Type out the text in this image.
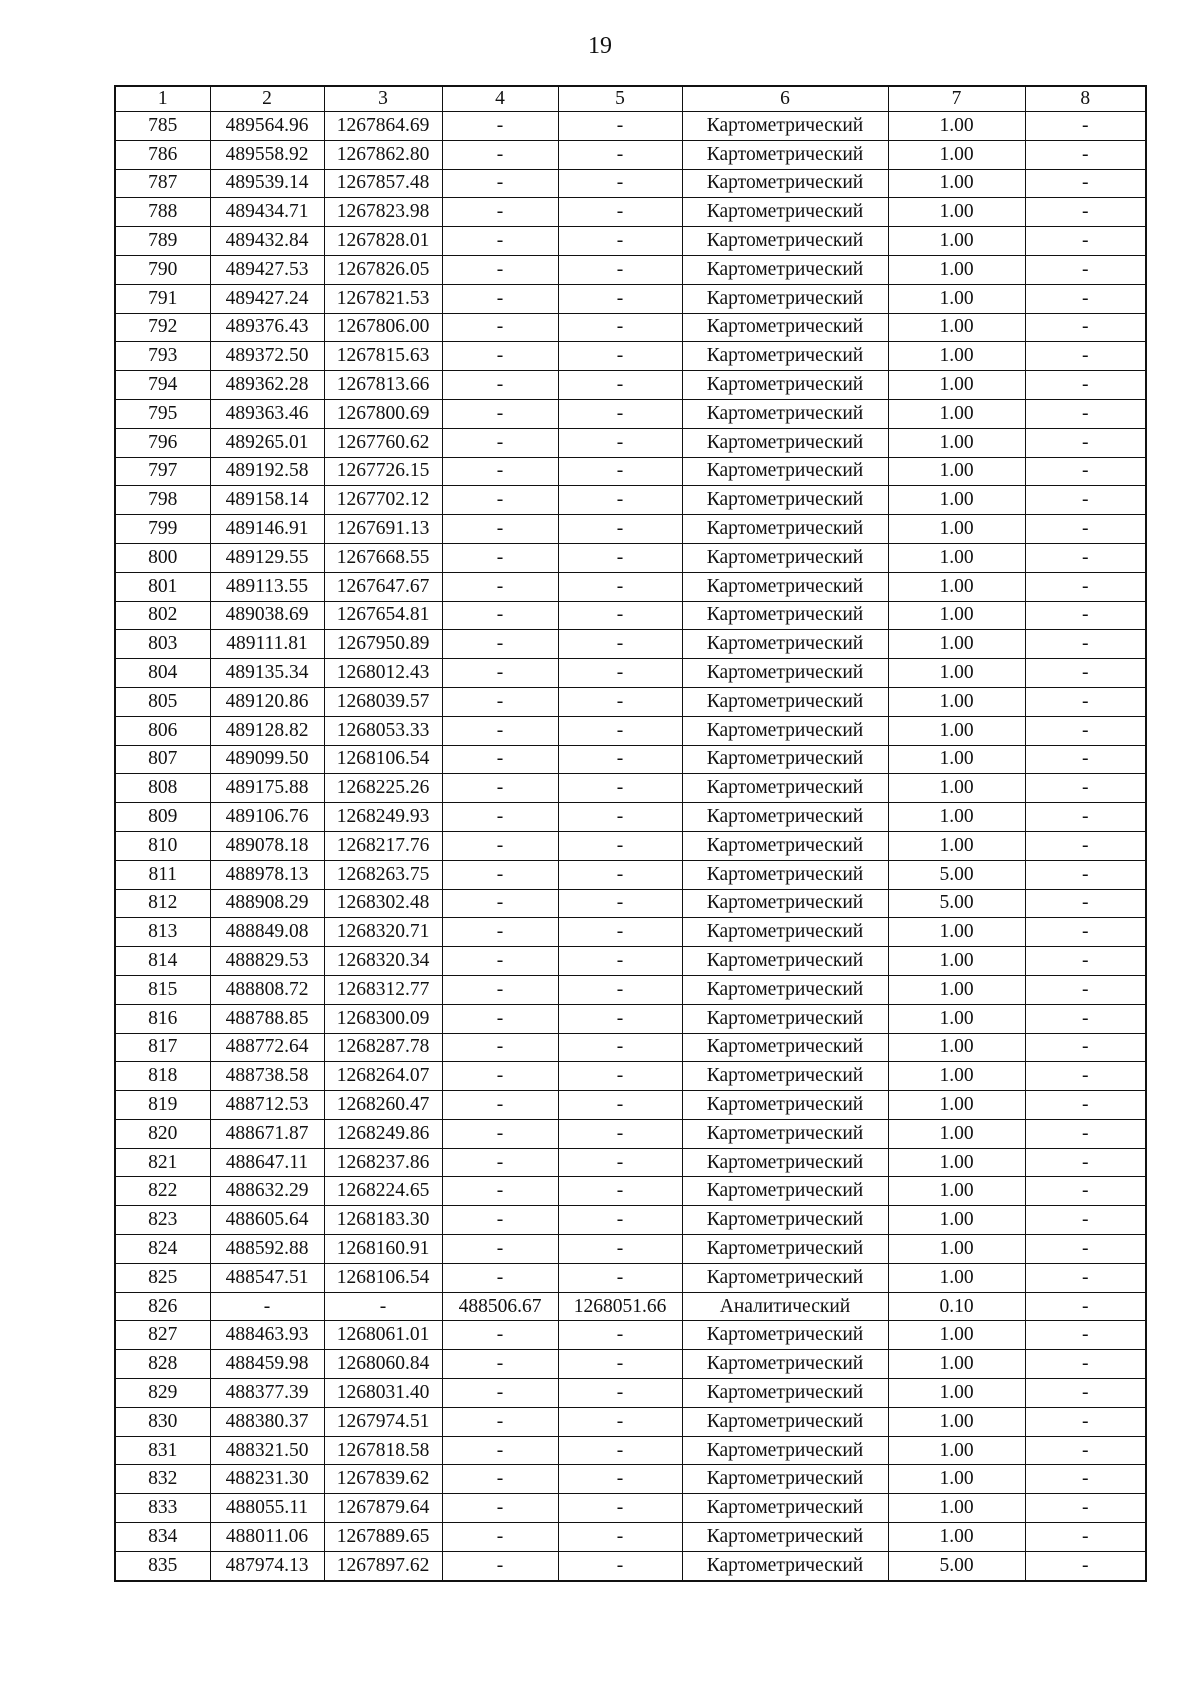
19
1	2	3	4	5	6	7	8
785	489564.96	1267864.69	-	-	Картометрический	1.00	-
786	489558.92	1267862.80	-	-	Картометрический	1.00	-
787	489539.14	1267857.48	-	-	Картометрический	1.00	-
788	489434.71	1267823.98	-	-	Картометрический	1.00	-
789	489432.84	1267828.01	-	-	Картометрический	1.00	-
790	489427.53	1267826.05	-	-	Картометрический	1.00	-
791	489427.24	1267821.53	-	-	Картометрический	1.00	-
792	489376.43	1267806.00	-	-	Картометрический	1.00	-
793	489372.50	1267815.63	-	-	Картометрический	1.00	-
794	489362.28	1267813.66	-	-	Картометрический	1.00	-
795	489363.46	1267800.69	-	-	Картометрический	1.00	-
796	489265.01	1267760.62	-	-	Картометрический	1.00	-
797	489192.58	1267726.15	-	-	Картометрический	1.00	-
798	489158.14	1267702.12	-	-	Картометрический	1.00	-
799	489146.91	1267691.13	-	-	Картометрический	1.00	-
800	489129.55	1267668.55	-	-	Картометрический	1.00	-
801	489113.55	1267647.67	-	-	Картометрический	1.00	-
802	489038.69	1267654.81	-	-	Картометрический	1.00	-
803	489111.81	1267950.89	-	-	Картометрический	1.00	-
804	489135.34	1268012.43	-	-	Картометрический	1.00	-
805	489120.86	1268039.57	-	-	Картометрический	1.00	-
806	489128.82	1268053.33	-	-	Картометрический	1.00	-
807	489099.50	1268106.54	-	-	Картометрический	1.00	-
808	489175.88	1268225.26	-	-	Картометрический	1.00	-
809	489106.76	1268249.93	-	-	Картометрический	1.00	-
810	489078.18	1268217.76	-	-	Картометрический	1.00	-
811	488978.13	1268263.75	-	-	Картометрический	5.00	-
812	488908.29	1268302.48	-	-	Картометрический	5.00	-
813	488849.08	1268320.71	-	-	Картометрический	1.00	-
814	488829.53	1268320.34	-	-	Картометрический	1.00	-
815	488808.72	1268312.77	-	-	Картометрический	1.00	-
816	488788.85	1268300.09	-	-	Картометрический	1.00	-
817	488772.64	1268287.78	-	-	Картометрический	1.00	-
818	488738.58	1268264.07	-	-	Картометрический	1.00	-
819	488712.53	1268260.47	-	-	Картометрический	1.00	-
820	488671.87	1268249.86	-	-	Картометрический	1.00	-
821	488647.11	1268237.86	-	-	Картометрический	1.00	-
822	488632.29	1268224.65	-	-	Картометрический	1.00	-
823	488605.64	1268183.30	-	-	Картометрический	1.00	-
824	488592.88	1268160.91	-	-	Картометрический	1.00	-
825	488547.51	1268106.54	-	-	Картометрический	1.00	-
826	-	-	488506.67	1268051.66	Аналитический	0.10	-
827	488463.93	1268061.01	-	-	Картометрический	1.00	-
828	488459.98	1268060.84	-	-	Картометрический	1.00	-
829	488377.39	1268031.40	-	-	Картометрический	1.00	-
830	488380.37	1267974.51	-	-	Картометрический	1.00	-
831	488321.50	1267818.58	-	-	Картометрический	1.00	-
832	488231.30	1267839.62	-	-	Картометрический	1.00	-
833	488055.11	1267879.64	-	-	Картометрический	1.00	-
834	488011.06	1267889.65	-	-	Картометрический	1.00	-
835	487974.13	1267897.62	-	-	Картометрический	5.00	-
